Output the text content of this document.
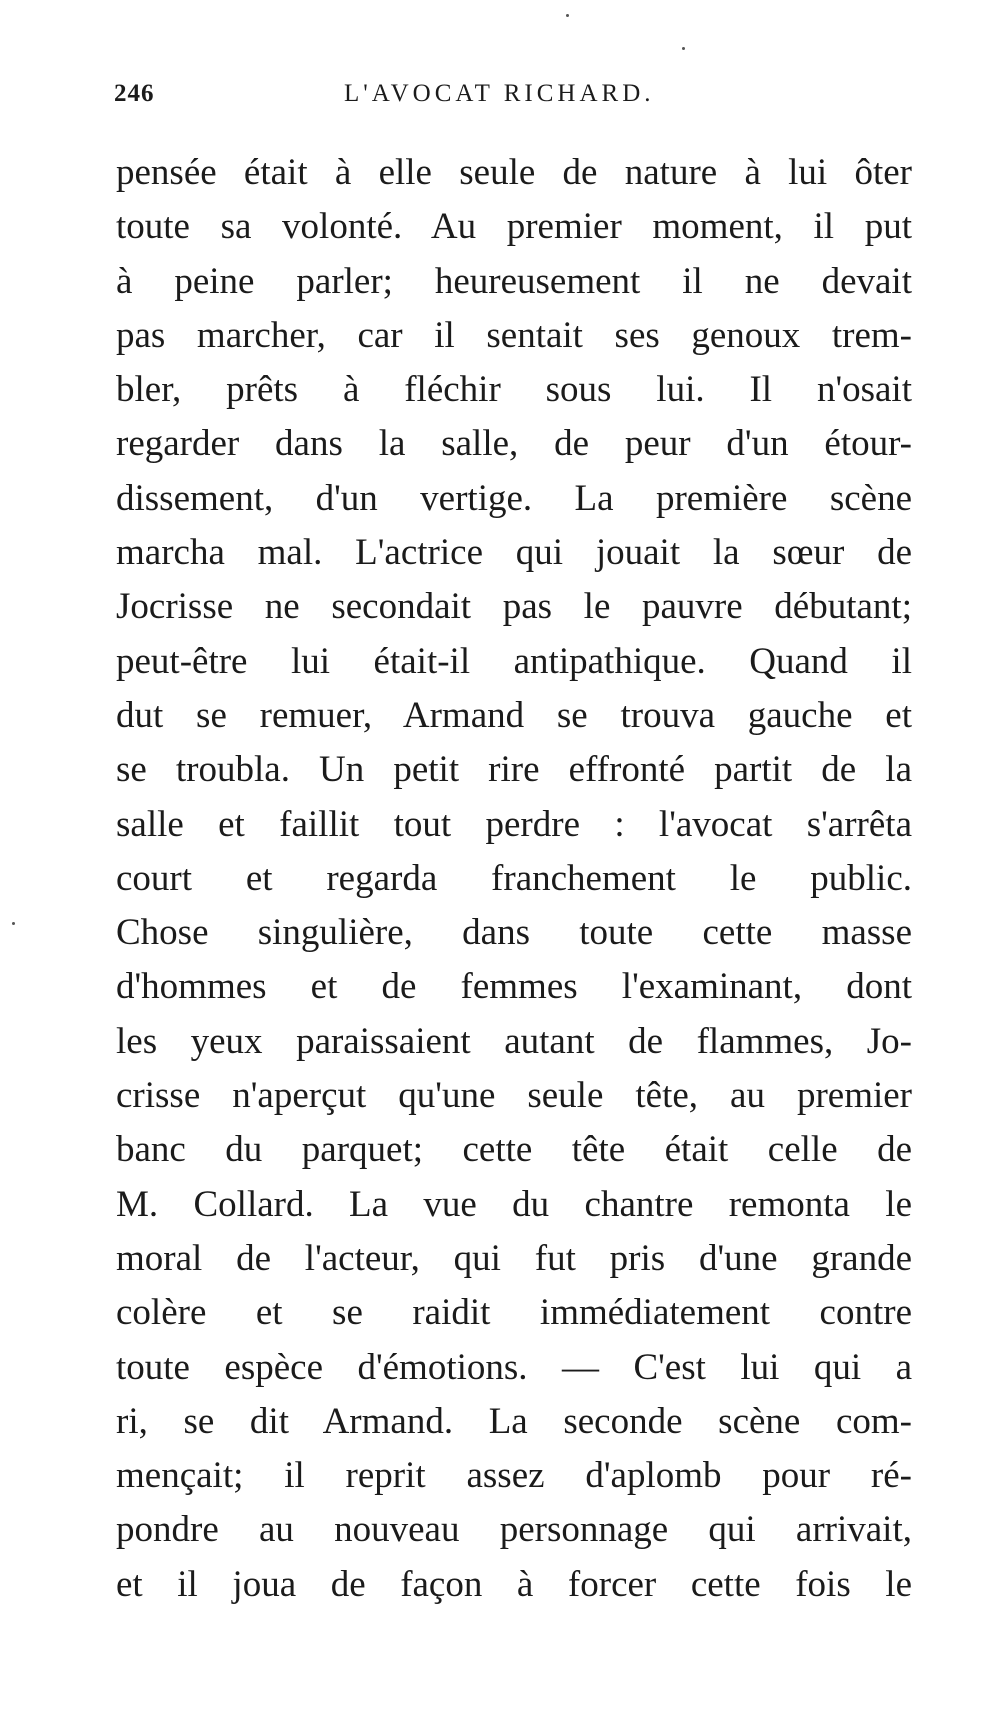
246	L'AVOCAT RICHARD.
pensée était à elle seule de nature à lui ôter
toute sa volonté. Au premier moment, il put
à peine parler; heureusement il ne devait
pas marcher, car il sentait ses genoux trem-
bler, prêts à fléchir sous lui. Il n'osait
regarder dans la salle, de peur d'un étour-
dissement, d'un vertige. La première scène
marcha mal. L'actrice qui jouait la sœur de
Jocrisse ne secondait pas le pauvre débutant;
peut-être lui était-il antipathique. Quand il
dut se remuer, Armand se trouva gauche et
se troubla. Un petit rire effronté partit de la
salle et faillit tout perdre : l'avocat s'arrêta
court et regarda franchement le public.
Chose singulière, dans toute cette masse
d'hommes et de femmes l'examinant, dont
les yeux paraissaient autant de flammes, Jo-
crisse n'aperçut qu'une seule tête, au premier
banc du parquet; cette tête était celle de
M. Collard. La vue du chantre remonta le
moral de l'acteur, qui fut pris d'une grande
colère et se raidit immédiatement contre
toute espèce d'émotions. — C'est lui qui a
ri, se dit Armand. La seconde scène com-
mençait; il reprit assez d'aplomb pour ré-
pondre au nouveau personnage qui arrivait,
et il joua de façon à forcer cette fois le
